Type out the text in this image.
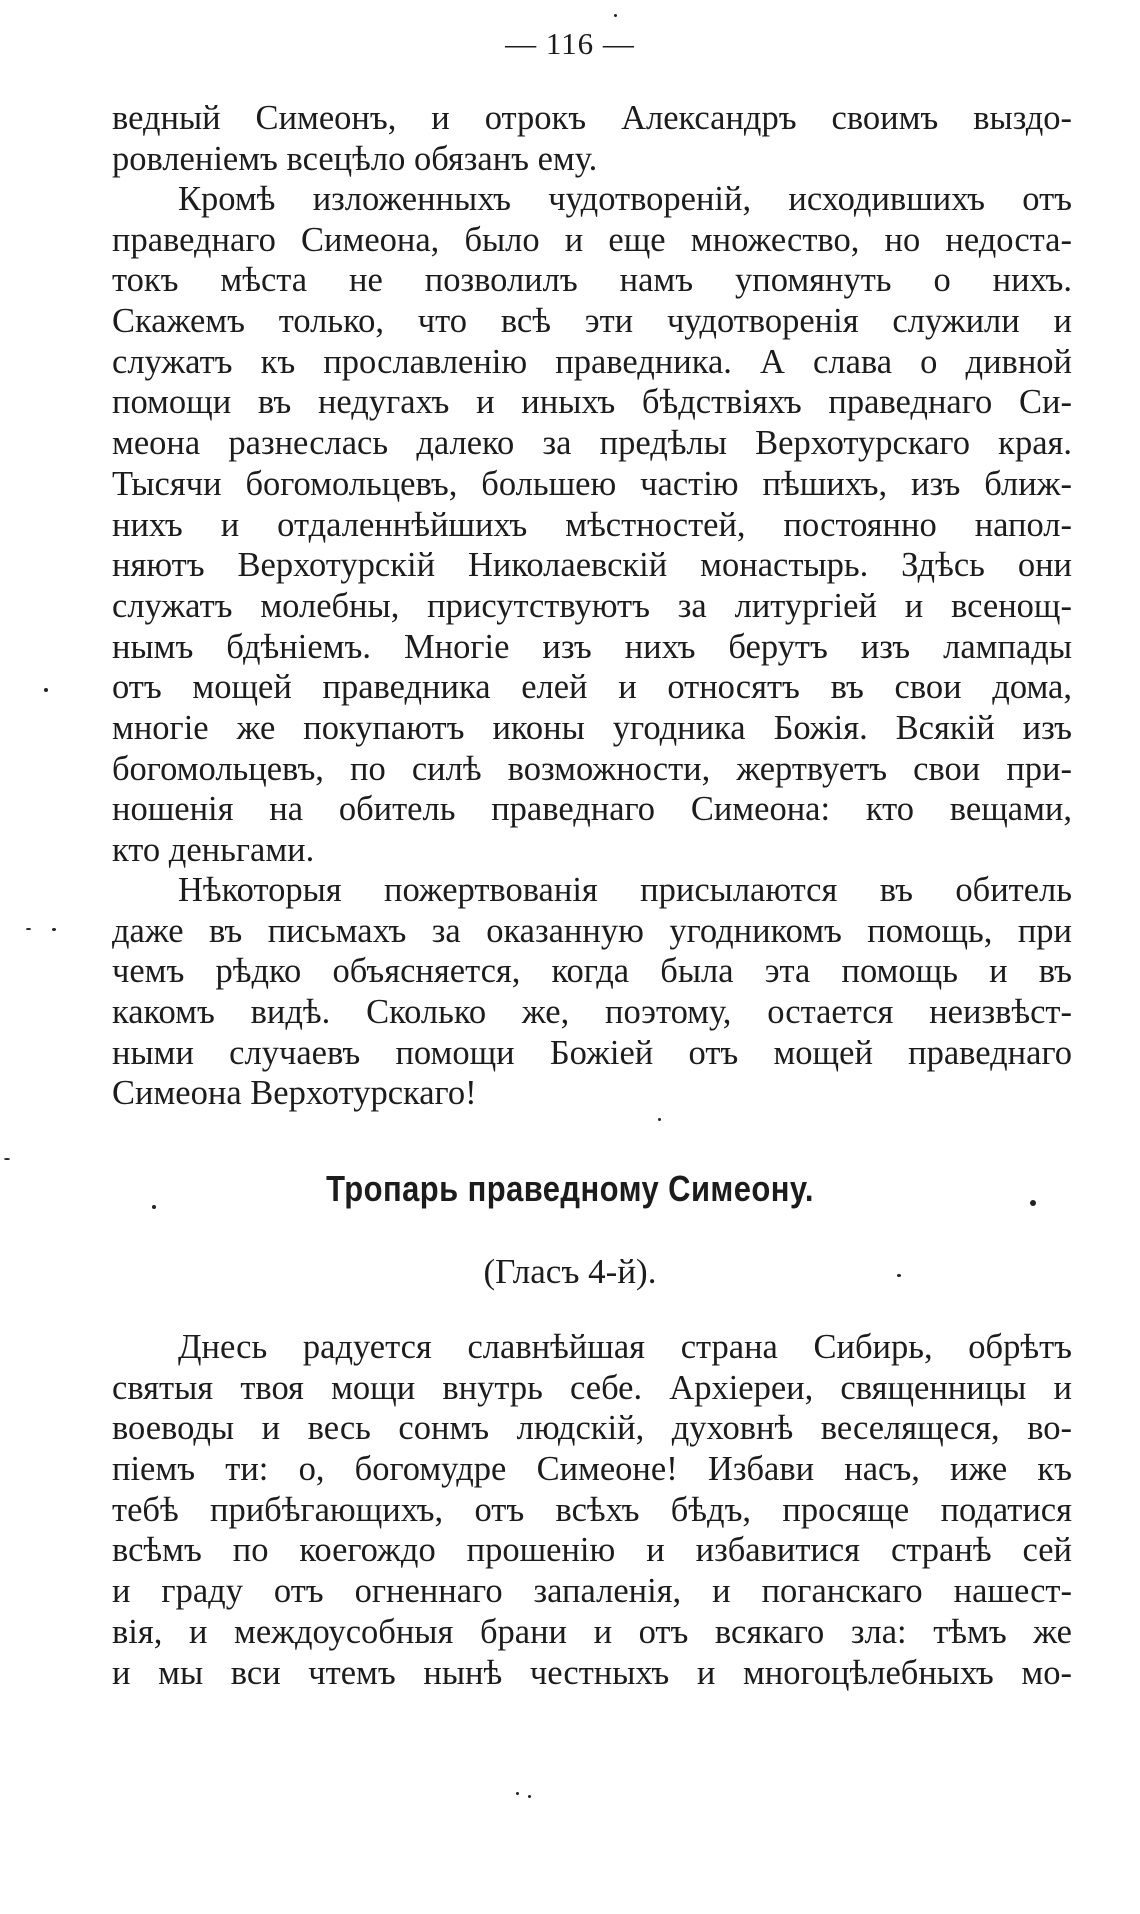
— 116 —
ведный Симеонъ, и отрокъ Александръ своимъ выздо-
ровленіемъ всецѣло обязанъ ему.
Кромѣ изложенныхъ чудотвореній, исходившихъ отъ
праведнаго Симеона, было и еще множество, но недоста-
токъ мѣста не позволилъ намъ упомянуть о нихъ.
Скажемъ только, что всѣ эти чудотворенія служили и
служатъ къ прославленію праведника. А слава о дивной
помощи въ недугахъ и иныхъ бѣдствіяхъ праведнаго Си-
меона разнеслась далеко за предѣлы Верхотурскаго края.
Тысячи богомольцевъ, большею частію пѣшихъ, изъ ближ-
нихъ и отдаленнѣйшихъ мѣстностей, постоянно напол-
няютъ Верхотурскій Николаевскій монастырь. Здѣсь они
служатъ молебны, присутствуютъ за литургіей и всенощ-
нымъ бдѣніемъ. Многіе изъ нихъ берутъ изъ лампады
отъ мощей праведника елей и относятъ въ свои дома,
многіе же покупаютъ иконы угодника Божія. Всякій изъ
богомольцевъ, по силѣ возможности, жертвуетъ свои при-
ношенія на обитель праведнаго Симеона: кто вещами,
кто деньгами.
Нѣкоторыя пожертвованія присылаются въ обитель
даже въ письмахъ за оказанную угодникомъ помощь, при
чемъ рѣдко объясняется, когда была эта помощь и въ
какомъ видѣ. Сколько же, поэтому, остается неизвѣст-
ными случаевъ помощи Божіей отъ мощей праведнаго
Симеона Верхотурскаго!
Тропарь праведному Симеону.
(Гласъ 4-й).
Днесь радуется славнѣйшая страна Сибирь, обрѣтъ
святыя твоя мощи внутрь себе. Архіереи, священницы и
воеводы и весь сонмъ людскій, духовнѣ веселящеся, во-
піемъ ти: о, богомудре Симеоне! Избави насъ, иже къ
тебѣ прибѣгающихъ, отъ всѣхъ бѣдъ, просяще податися
всѣмъ по коегождо прошенію и избавитися странѣ сей
и граду отъ огненнаго запаленія, и поганскаго нашест-
вія, и междоусобныя брани и отъ всякаго зла: тѣмъ же
и мы вси чтемъ нынѣ честныхъ и многоцѣлебныхъ мо-
